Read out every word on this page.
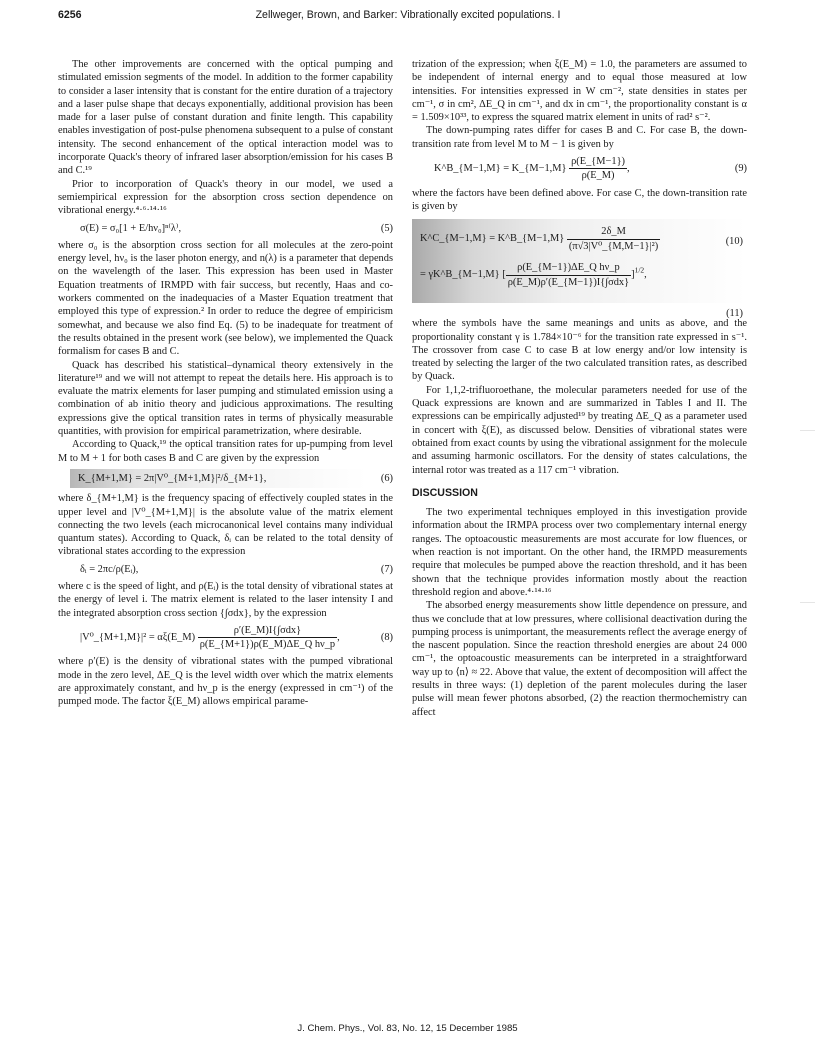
6256	Zellweger, Brown, and Barker: Vibrationally excited populations. I

The other improvements are concerned with the optical pumping and stimulated emission segments of the model. In addition to the former capability to consider a laser intensity that is constant for the entire duration of a trajectory and a laser pulse shape that decays exponentially, additional provision has been made for a laser pulse of constant duration and finite length. This capability enables investigation of post-pulse phenomena subsequent to a pulse of constant intensity. The second enhancement of the optical interaction model was to incorporate Quack's theory of infrared laser absorption/emission for his cases B and C.¹⁹

Prior to incorporation of Quack's theory in our model, we used a semiempirical expression for the absorption cross section dependence on vibrational energy.⁴·⁶·¹⁴·¹⁶

σ(E) = σ₀[1 + E/hν₀]ⁿ⁽λ⁾,	(5)

where σ₀ is the absorption cross section for all molecules at the zero-point energy level, hν₀ is the laser photon energy, and n(λ) is a parameter that depends on the wavelength of the laser. This expression has been used in Master Equation treatments of IRMPD with fair success, but recently, Haas and co-workers commented on the inadequacies of a Master Equation treatment that employed this type of expression.² In order to reduce the degree of empiricism somewhat, and because we also find Eq. (5) to be inadequate for treatment of the results obtained in the present work (see below), we implemented the Quack formalism for cases B and C.

Quack has described his statistical–dynamical theory extensively in the literature¹⁹ and we will not attempt to repeat the details here. His approach is to evaluate the matrix elements for laser pumping and stimulated emission using a combination of ab initio theory and judicious approximations. The resulting expressions give the optical transition rates in terms of physically measurable quantities, with provision for empirical parametrization, where desirable.

According to Quack,¹⁹ the optical transition rates for up-pumping from level M to M + 1 for both cases B and C are given by the expression

K_{M+1,M} = 2π|V⁰_{M+1,M}|²/δ_{M+1},	(6)

where δ_{M+1,M} is the frequency spacing of effectively coupled states in the upper level and |V⁰_{M+1,M}| is the absolute value of the matrix element connecting the two levels (each microcanonical level contains many individual quantum states). According to Quack, δᵢ can be related to the total density of vibrational states according to the expression

δᵢ = 2πc/ρ(Eᵢ),	(7)

where c is the speed of light, and ρ(Eᵢ) is the total density of vibrational states at the energy of level i. The matrix element is related to the laser intensity I and the integrated absorption cross section {∫σdx}, by the expression

|V⁰_{M+1,M}|² = αξ(E_M) $\frac{\text{ρ′(E\_M)I\{∫σdx\}}}{\text{ρ(E\_\{M+1\})ρ(E\_M)ΔE\_Q hν\_p}}$ ,	(8)

where ρ′(E) is the density of vibrational states with the pumped vibrational mode in the zero level, ΔE_Q is the level width over which the matrix elements are approximately constant, and hν_p is the energy (expressed in cm⁻¹) of the pumped mode. The factor ξ(E_M) allows empirical parame-

trization of the expression; when ξ(E_M) = 1.0, the parameters are assumed to be independent of internal energy and to equal those measured at low intensities. For intensities expressed in W cm⁻², state densities in states per cm⁻¹, σ in cm², ΔE_Q in cm⁻¹, and dx in cm⁻¹, the proportionality constant is α = 1.509×10³³, to express the squared matrix element in units of rad² s⁻².

The down-pumping rates differ for cases B and C. For case B, the down-transition rate from level M to M − 1 is given by

K^B_{M−1,M} = K_{M−1,M} $\frac{\rho(E\_\{M-1\})}{\rho(E\_M)}$ ,	(9)

where the factors have been defined above. For case C, the down-transition rate is given by

K^C_{M−1,M} = K^B_{M−1,M} $\frac{2\delta\_M}{\text{(π√3|V⁰\_\{M,M−1\}|²)}}$	(10)
= γK^B_{M−1,M} [ $\frac{\text{ρ(E\_\{M−1\})ΔE\_Q hν\_p}}{\text{ρ(E\_M)ρ′(E\_\{M−1\})I\{∫σdx\}}} ]^{1/2}$,
(11)

where the symbols have the same meanings and units as above, and the proportionality constant γ is 1.784×10⁻⁶ for the transition rate expressed in s⁻¹. The crossover from case C to case B at low energy and/or low intensity is treated by selecting the larger of the two calculated transition rates, as described by Quack.

For 1,1,2-trifluoroethane, the molecular parameters needed for use of the Quack expressions are known and are summarized in Tables I and II. The expressions can be empirically adjusted¹⁹ by treating ΔE_Q as a parameter used in concert with ξ(E), as discussed below. Densities of vibrational states were obtained from exact counts by using the vibrational assignment for the molecule and assuming harmonic oscillators. For the density of states calculations, the internal rotor was treated as a 117 cm⁻¹ vibration.

DISCUSSION

The two experimental techniques employed in this investigation provide information about the IRMPA process over two complementary internal energy ranges. The optoacoustic measurements are most accurate for low fluences, or when reaction is not important. On the other hand, the IRMPD measurements require that molecules be pumped above the reaction threshold, and it has been shown that the technique provides information mostly about the reaction threshold region and above.⁴·¹⁴·¹⁶

The absorbed energy measurements show little dependence on pressure, and thus we conclude that at low pressures, where collisional deactivation during the pumping process is unimportant, the measurements reflect the average energy of the nascent population. Since the reaction threshold energies are about 24 000 cm⁻¹, the optoacoustic measurements can be interpreted in a straightforward way up to ⟨n⟩ ≈ 22. Above that value, the extent of decomposition will affect the results in three ways: (1) depletion of the parent molecules during the laser pulse will mean fewer photons absorbed, (2) the reaction thermochemistry can affect

J. Chem. Phys., Vol. 83, No. 12, 15 December 1985
